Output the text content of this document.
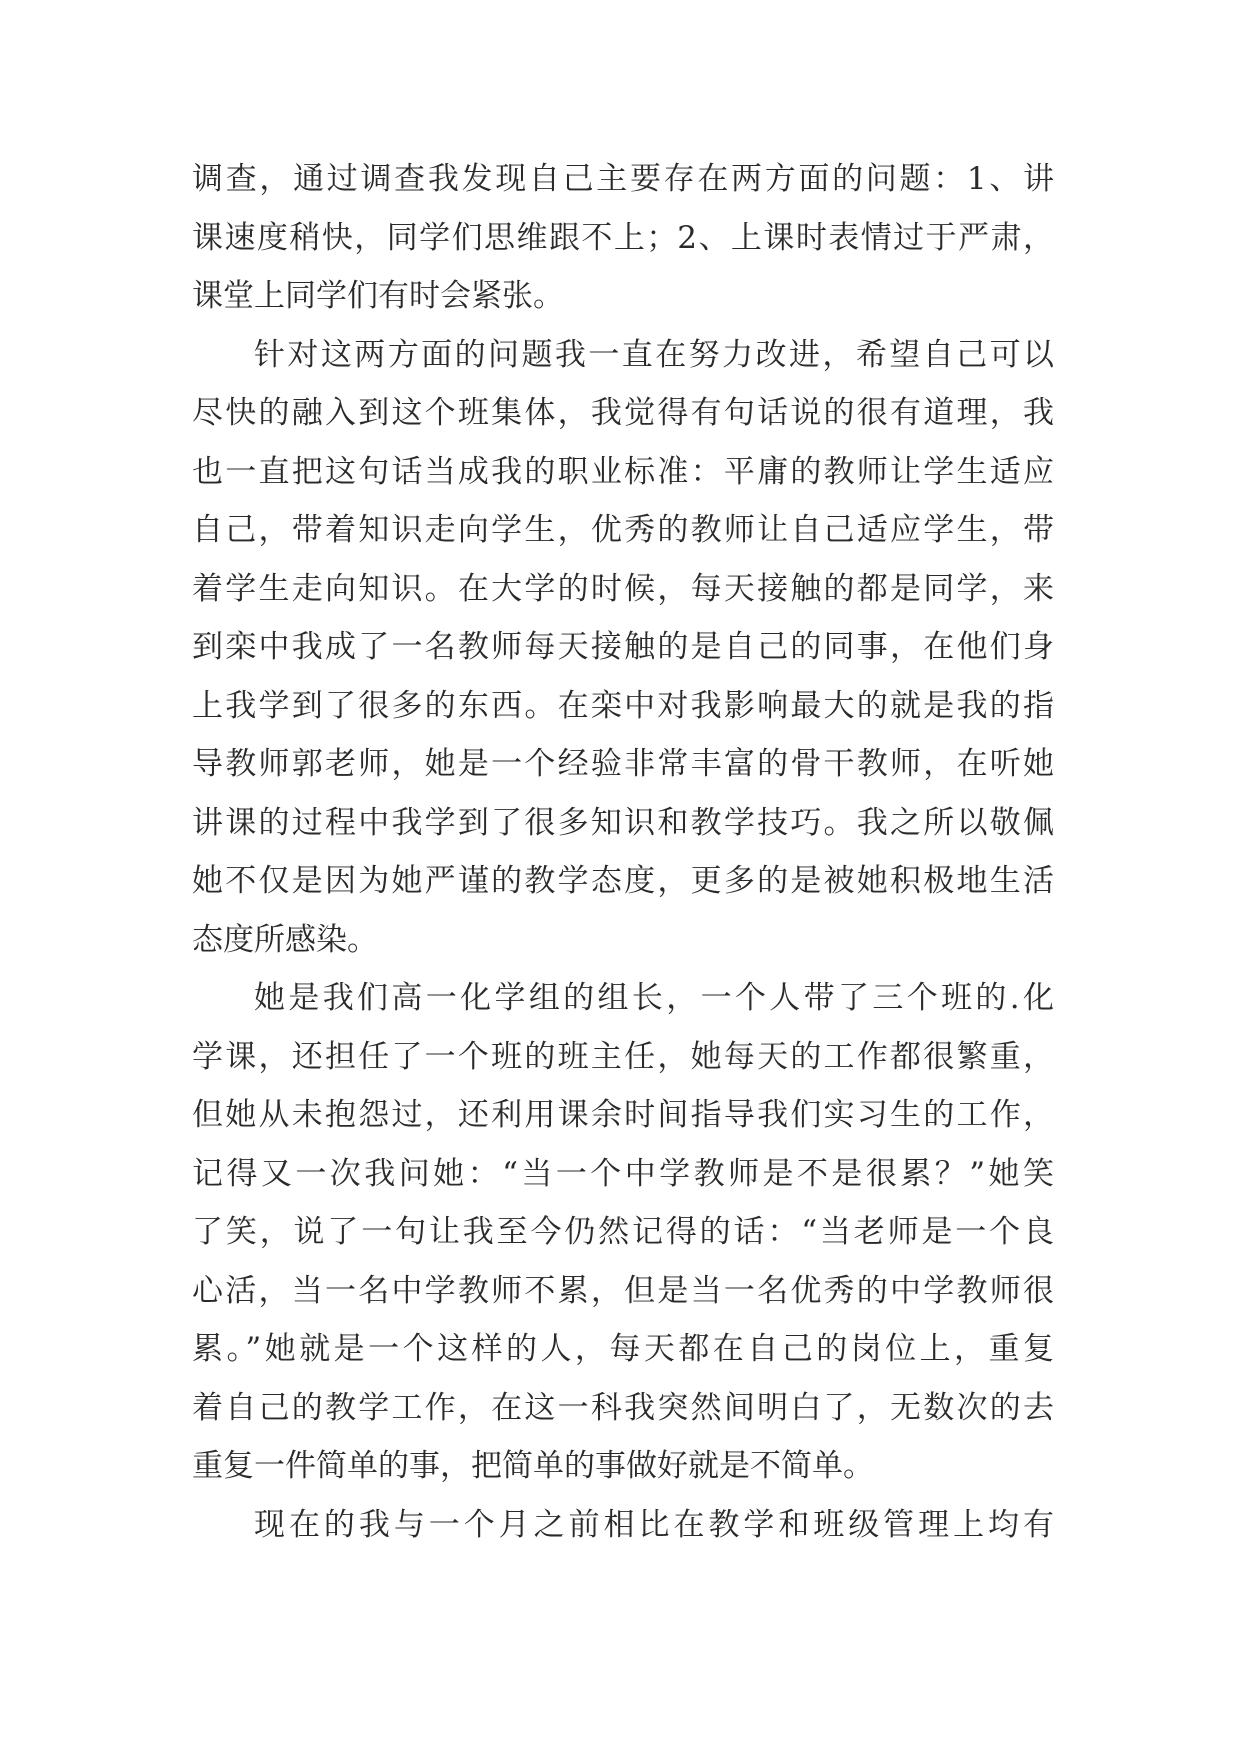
调查，通过调查我发现自己主要存在两方面的问题：1、讲
课速度稍快，同学们思维跟不上；2、上课时表情过于严肃，
课堂上同学们有时会紧张。
针对这两方面的问题我一直在努力改进，希望自己可以
尽快的融入到这个班集体，我觉得有句话说的很有道理，我
也一直把这句话当成我的职业标准：平庸的教师让学生适应
自己，带着知识走向学生，优秀的教师让自己适应学生，带
着学生走向知识。在大学的时候，每天接触的都是同学，来
到栾中我成了一名教师每天接触的是自己的同事，在他们身
上我学到了很多的东西。在栾中对我影响最大的就是我的指
导教师郭老师，她是一个经验非常丰富的骨干教师，在听她
讲课的过程中我学到了很多知识和教学技巧。我之所以敬佩
她不仅是因为她严谨的教学态度，更多的是被她积极地生活
态度所感染。
她是我们高一化学组的组长，一个人带了三个班的.化
学课，还担任了一个班的班主任，她每天的工作都很繁重，
但她从未抱怨过，还利用课余时间指导我们实习生的工作，
记得又一次我问她：“当一个中学教师是不是很累？”她笑
了笑，说了一句让我至今仍然记得的话：“当老师是一个良
心活，当一名中学教师不累，但是当一名优秀的中学教师很
累。”她就是一个这样的人，每天都在自己的岗位上，重复
着自己的教学工作，在这一科我突然间明白了，无数次的去
重复一件简单的事，把简单的事做好就是不简单。
现在的我与一个月之前相比在教学和班级管理上均有
